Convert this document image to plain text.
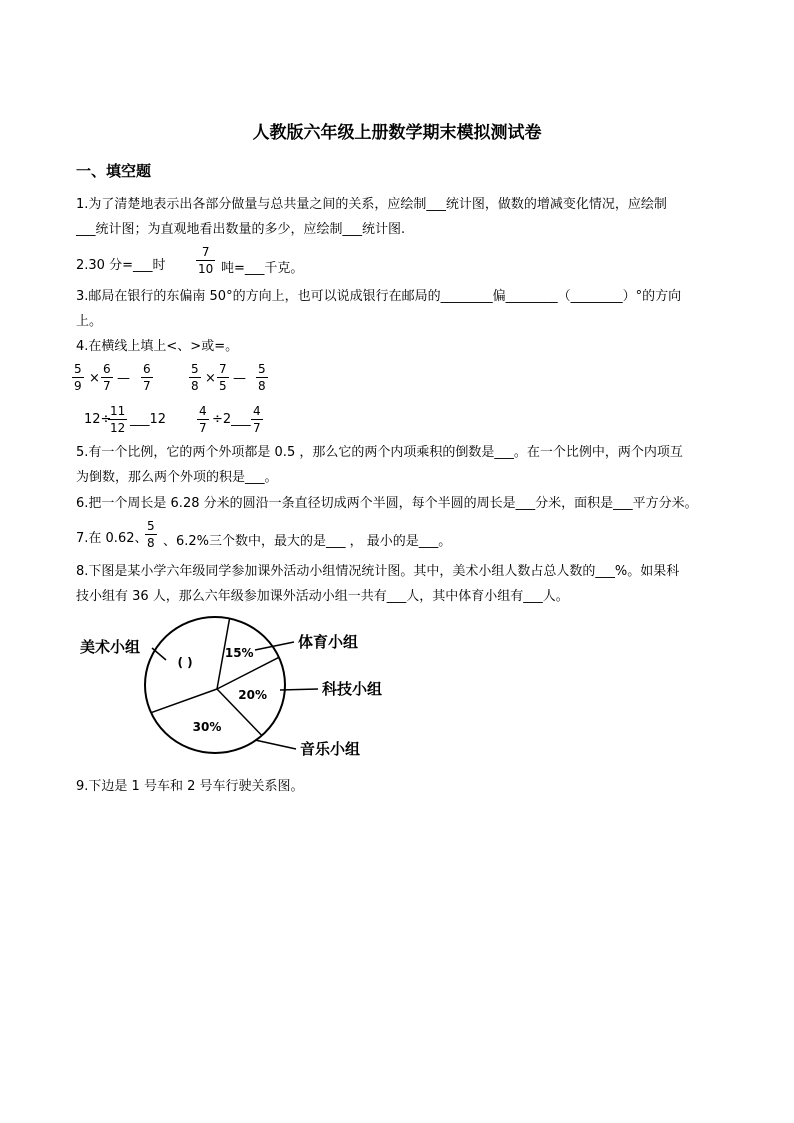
人教版六年级上册数学期末模拟测试卷
一、填空题
1.为了清楚地表示出各部分做量与总共量之间的关系，应绘制___统计图，做数的增减变化情况，应绘制
___统计图；为直观地看出数量的多少，应绘制___统计图.
2.30 分=___时
7
10 吨=___千克。
3.邮局在银行的东偏南 50°的方向上，也可以说成银行在邮局的________偏________（________）°的方向
上。
4.在横线上填上<、>或=。
5
9 ×
6
7 —
6
7
5
8 ×
7
5 —
5
8
12÷
11
12
___12
4
7
÷2___
4
7
5.有一个比例，它的两个外项都是 0.5 ，那么它的两个内项乘积的倒数是___。在一个比例中，两个内项互
为倒数，那么两个外项的积是___。
6.把一个周长是 6.28 分米的圆沿一条直径切成两个半圆，每个半圆的周长是___分米，面积是___平方分米。
7.在 0.62、
5
8 、6.2%三个数中，最大的是___ ， 最小的是___。
8.下图是某小学六年级同学参加课外活动小组情况统计图。其中，美术小组人数占总人数的___%。如果科
技小组有 36 人，那么六年级参加课外活动小组一共有___人，其中体育小组有___人。
15%
20%
30%
( )
体育小组
科技小组
音乐小组
美术小组
9.下边是 1 号车和 2 号车行驶关系图。
